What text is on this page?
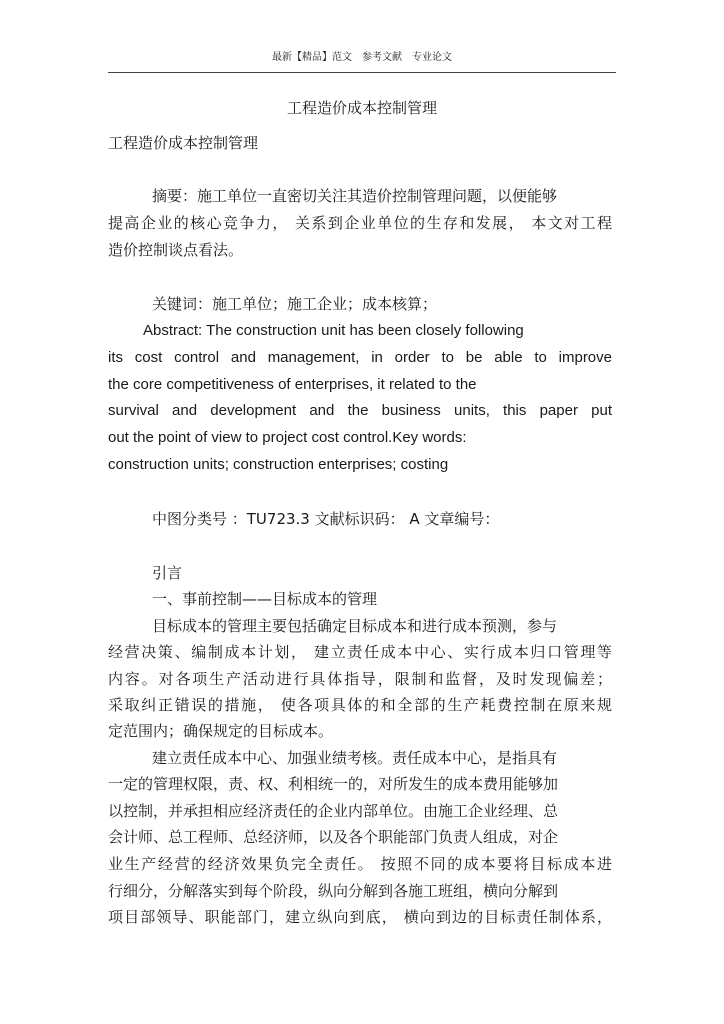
最新【精品】范文　参考文献　专业论文
工程造价成本控制管理
工程造价成本控制管理
摘要：施工单位一直密切关注其造价控制管理问题，以便能够
提高企业的核心竞争力， 关系到企业单位的生存和发展， 本文对工程
造价控制谈点看法。
关键词：施工单位；施工企业；成本核算；
Abstract: The construction unit has been closely following
its cost control and management, in order to be able to improve
the core competitiveness of enterprises, it related to the
survival and development and the business units, this paper put
out the point of view to project cost control.Key words:
construction units; construction enterprises; costing
中图分类号 ：TU723.3 文献标识码： A 文章编号：
引言
一、事前控制——目标成本的管理
目标成本的管理主要包括确定目标成本和进行成本预测，参与
经营决策、编制成本计划， 建立责任成本中心、实行成本归口管理等
内容。对各项生产活动进行具体指导，限制和监督，及时发现偏差；
采取纠正错误的措施， 使各项具体的和全部的生产耗费控制在原来规
定范围内；确保规定的目标成本。
建立责任成本中心、加强业绩考核。责任成本中心，是指具有
一定的管理权限，责、权、利相统一的，对所发生的成本费用能够加
以控制，并承担相应经济责任的企业内部单位。由施工企业经理、总
会计师、总工程师、总经济师，以及各个职能部门负责人组成，对企
业生产经营的经济效果负完全责任。 按照不同的成本要将目标成本进
行细分，分解落实到每个阶段，纵向分解到各施工班组，横向分解到
项目部领导、职能部门，建立纵向到底， 横向到边的目标责任制体系，
